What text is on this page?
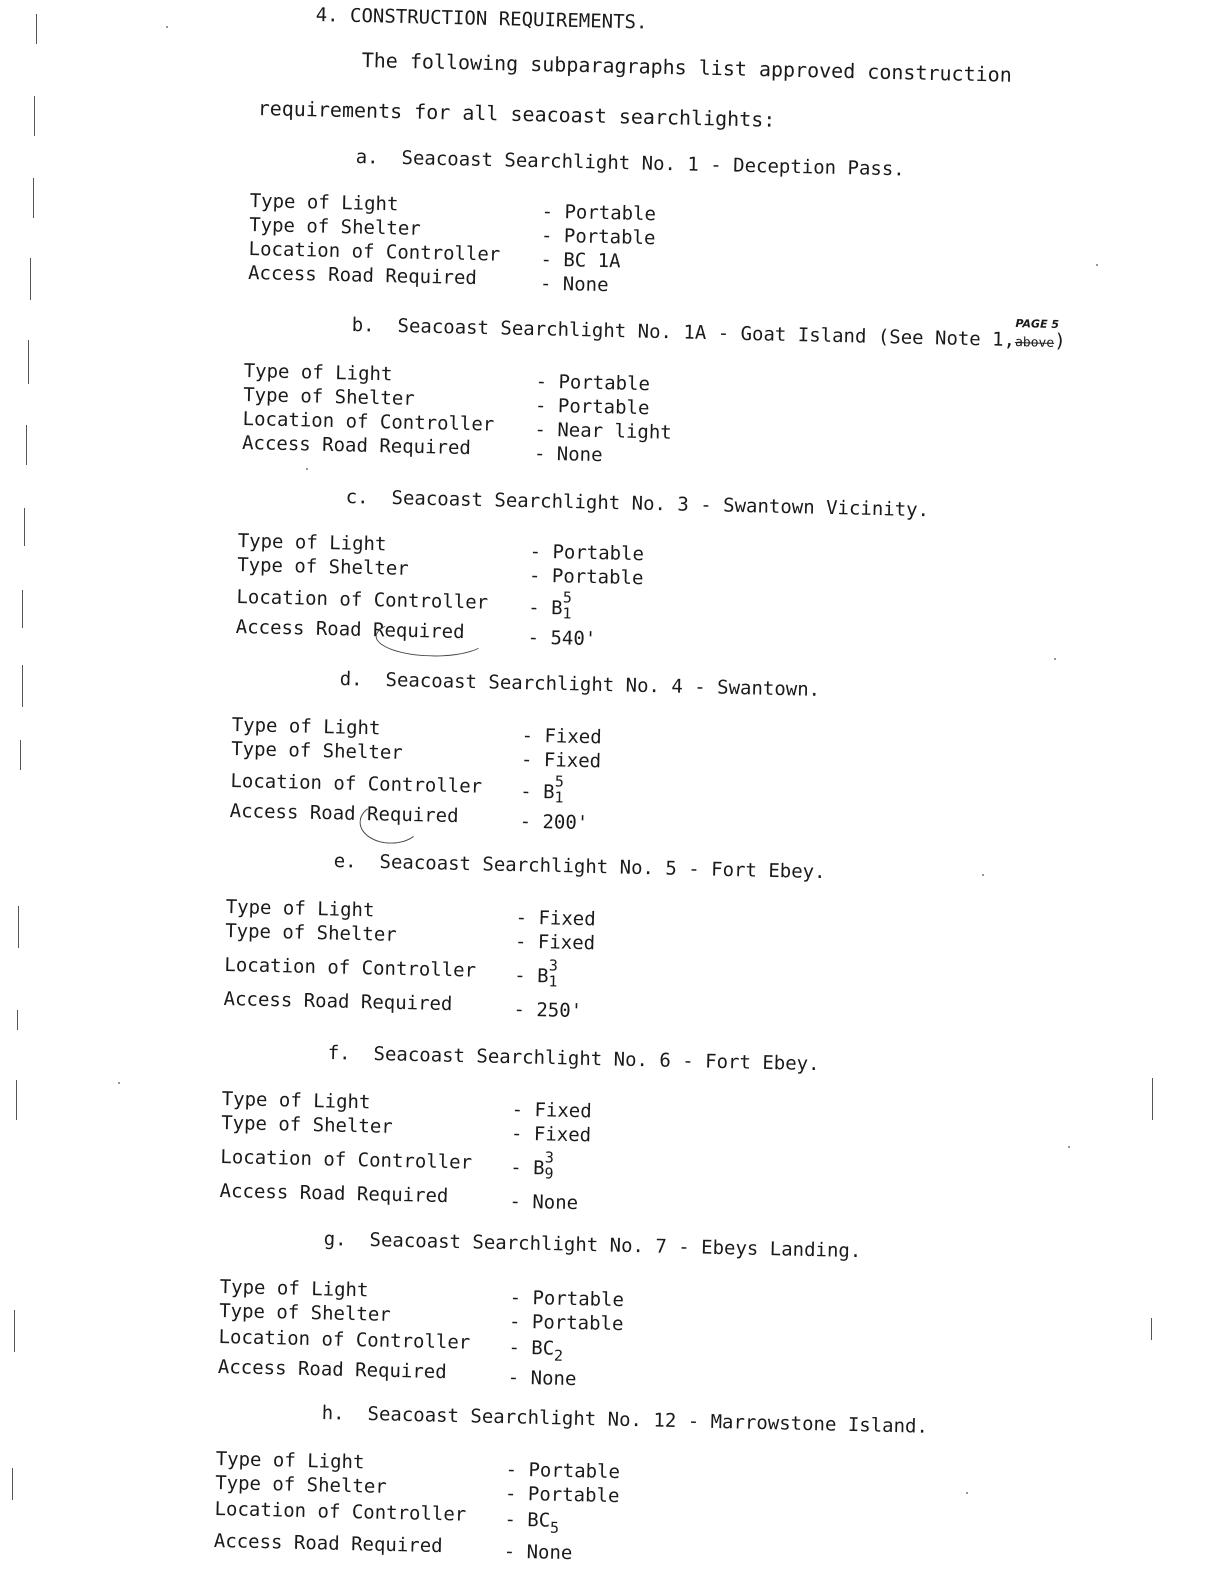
4. CONSTRUCTION REQUIREMENTS.
The following subparagraphs list approved construction
requirements for all seacoast searchlights:
a. Seacoast Searchlight No. 1 - Deception Pass.
Type of Light
Type of Shelter
Location of Controller
Access Road Required
- Portable
- Portable
- BC 1A
- None
b. Seacoast Searchlight No. 1A - Goat Island (See Note 1, PAGE 5
above)
Type of Light
Type of Shelter
Location of Controller
Access Road Required
- Portable
- Portable
- Near light
- None
c. Seacoast Searchlight No. 3 - Swantown Vicinity.
Type of Light
Type of Shelter
Location of Controller
Access Road Required
- Portable
- Portable
- B 5
1
- 540'
d. Seacoast Searchlight No. 4 - Swantown.
Type of Light
Type of Shelter
Location of Controller
Access Road Required
- Fixed
- Fixed
- B 5
1
- 200'
e. Seacoast Searchlight No. 5 - Fort Ebey.
Type of Light
Type of Shelter
Location of Controller
Access Road Required
- Fixed
- Fixed
- B 3
1
- 250'
f. Seacoast Searchlight No. 6 - Fort Ebey.
Type of Light
Type of Shelter
Location of Controller
Access Road Required
- Fixed
- Fixed
- B 3
9
- None
g. Seacoast Searchlight No. 7 - Ebeys Landing.
Type of Light
Type of Shelter
Location of Controller
Access Road Required
- Portable
- Portable
- $BC_2$
- None
h. Seacoast Searchlight No. 12 - Marrowstone Island.
Type of Light
Type of Shelter
Location of Controller
Access Road Required
- Portable
- Portable
- $BC_5$
- None
